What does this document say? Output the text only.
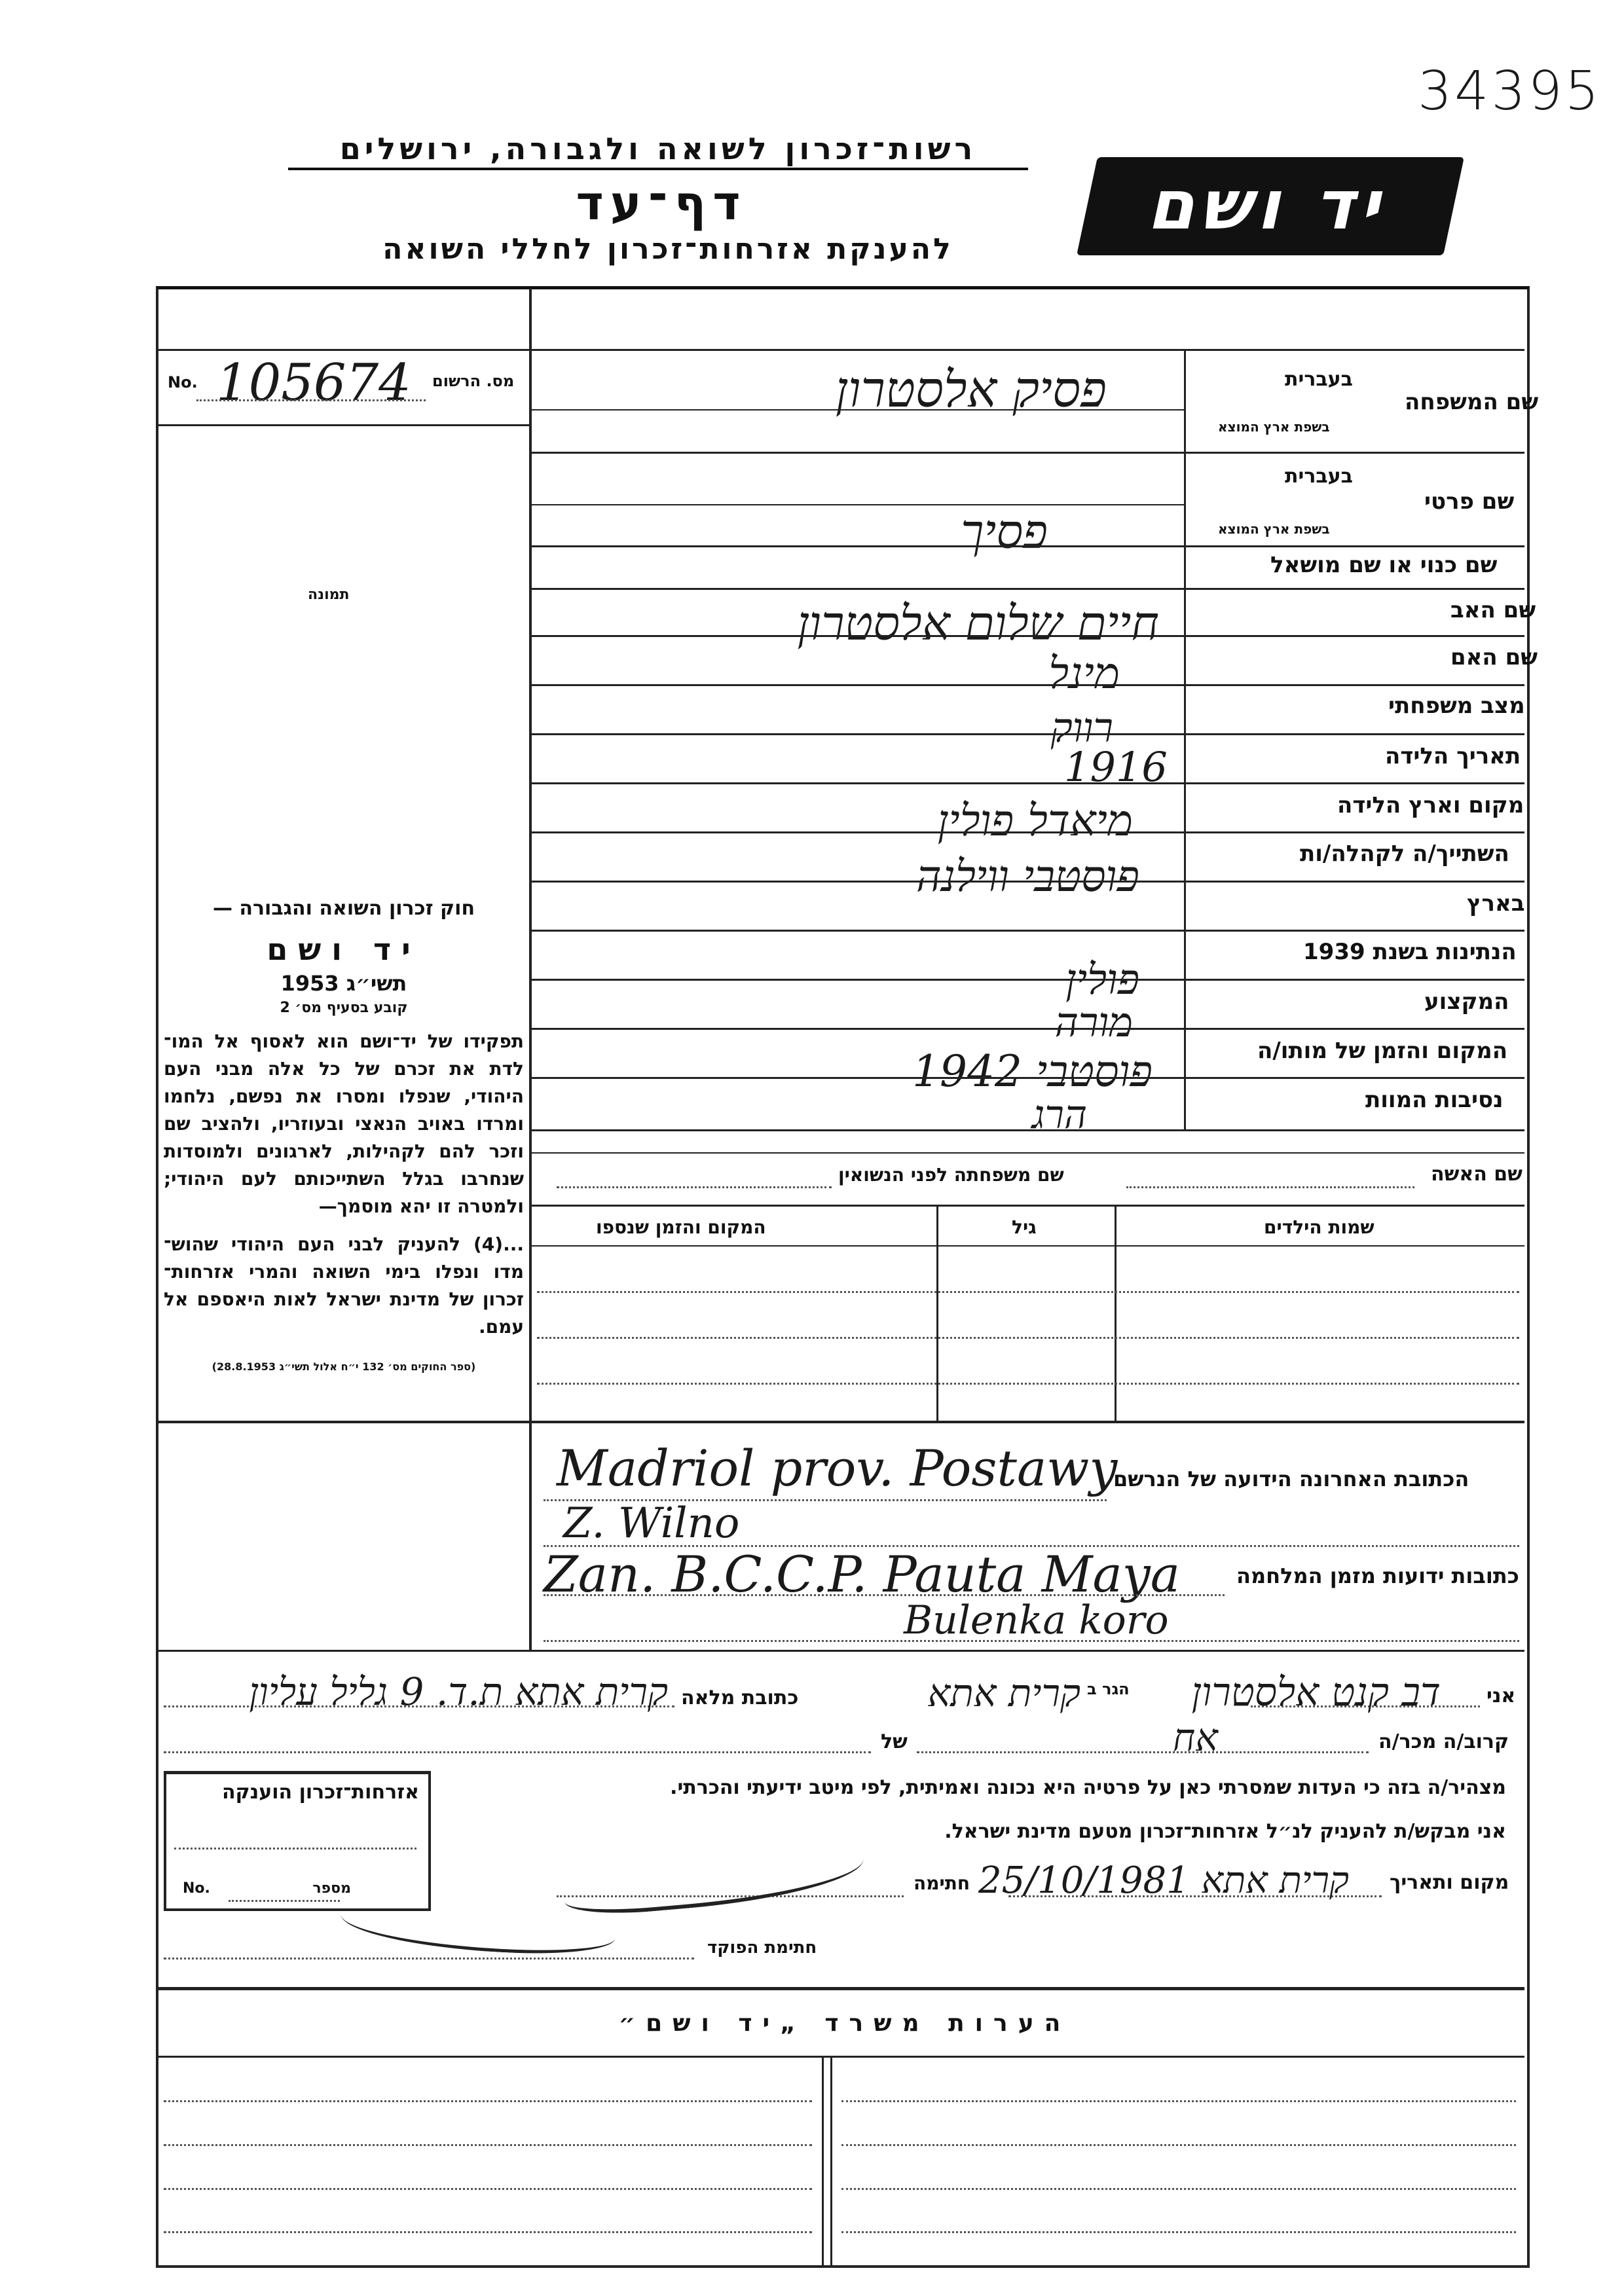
34395
רשות־זכרון לשואה ולגבורה, ירושלים
דף־עד
להענקת אזרחות־זכרון לחללי השואה
יד ושם
מס. הרשום
No. 105674
תמונה
בעברית
בשפת ארץ המוצא
שם המשפחה
פסיק אלסטרון
בעברית
בשפת ארץ המוצא
שם פרטי
פסיך
שם כנוי או שם מושאל
שם האב
חיים שלום אלסטרון
שם האם
מינל
מצב משפחתי
רווק
תאריך הלידה
1916
מקום וארץ הלידה
מיאדל פולין
השתייך/ה לקהלה/ות
פוסטבי ווילנה
בארץ
הנתינות בשנת 1939
פולין	המקצוע
מורה
המקום והזמן של מותו/ה
פוסטבי 1942
נסיבות המוות
הרג
שם האשה
שם משפחתה לפני הנשואין
שמות הילדים
גיל
המקום והזמן שנספו

חוק זכרון השואה והגבורה —

יד ושם

תשי״ג 1953

קובע בסעיף מס׳ 2

תפקידו של יד־ושם הוא לאסוף אל המו־ לדת את זכרם של כל אלה מבני העם היהודי, שנפלו ומסרו את נפשם, נלחמו ומרדו באויב הנאצי ובעוזריו, ולהציב שם וזכר להם לקהילות, לארגונים ולמוסדות שנחרבו בגלל השתייכותם לעם היהודי; ולמטרה זו יהא מוסמך—

...(4) להעניק לבני העם היהודי שהוש־ מדו ונפלו בימי השואה והמרי אזרחות־ זכרון של מדינת ישראל לאות היאספם אל עמם.

(ספר החוקים מס׳ 132 י״ח אלול תשי״ג 28.8.1953)

הכתובת האחרונה הידועה של הנרשם
Madriol prov. Postawy
Z. Wilno
כתובות ידועות מזמן המלחמה
Zan. B.C.C.P. Pauta Maya
Bulenka koro
אני
דב קנט אלסטרון
הגר ב
קרית אתא
כתובת מלאה
קרית אתא ת.ד. 9 גליל עליון
קרוב/ה מכר/ה
אח
של
מצהיר/ה בזה כי העדות שמסרתי כאן על פרטיה היא נכונה ואמיתית, לפי מיטב ידיעתי והכרתי.
אני מבקש/ת להעניק לנ״ל אזרחות־זכרון מטעם מדינת ישראל.
מקום ותאריך
קרית אתא 25/10/1981
חתימה
חתימת הפוקד
אזרחות־זכרון הוענקה
מספר
No.
הערות משרד „יד ושם״
